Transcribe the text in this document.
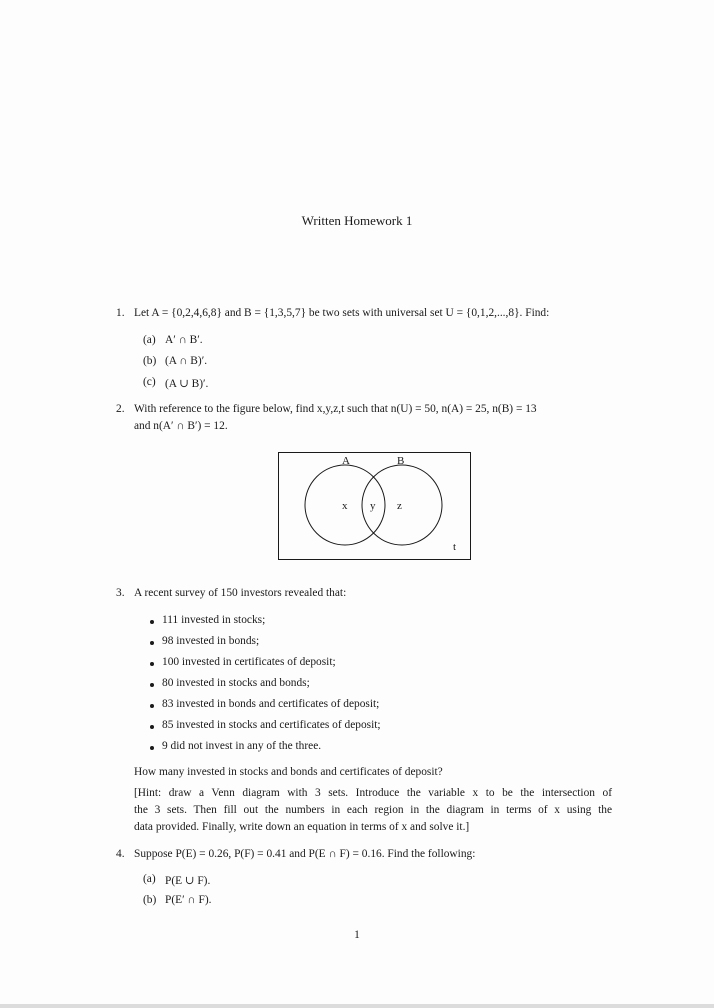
Written Homework 1
1. Let A = {0,2,4,6,8} and B = {1,3,5,7} be two sets with universal set U = {0,1,2,...,8}. Find:
(a) A′ ∩ B′.
(b) (A ∩ B)′.
(c) (A ∪ B)′.
2. With reference to the figure below, find x,y,z,t such that n(U) = 50, n(A) = 25, n(B) = 13
and n(A′ ∩ B′) = 12.
A	B
x y z
t
3. A recent survey of 150 investors revealed that:
111 invested in stocks;
98 invested in bonds;
100 invested in certificates of deposit;
80 invested in stocks and bonds;
83 invested in bonds and certificates of deposit;
85 invested in stocks and certificates of deposit;
9 did not invest in any of the three.
How many invested in stocks and bonds and certificates of deposit?
[Hint: draw a Venn diagram with 3 sets. Introduce the variable x to be the intersection of
the 3 sets. Then fill out the numbers in each region in the diagram in terms of x using the
data provided. Finally, write down an equation in terms of x and solve it.]
4. Suppose P(E) = 0.26, P(F) = 0.41 and P(E ∩ F) = 0.16. Find the following:
(a) P(E ∪ F).
(b) P(E′ ∩ F).
1
